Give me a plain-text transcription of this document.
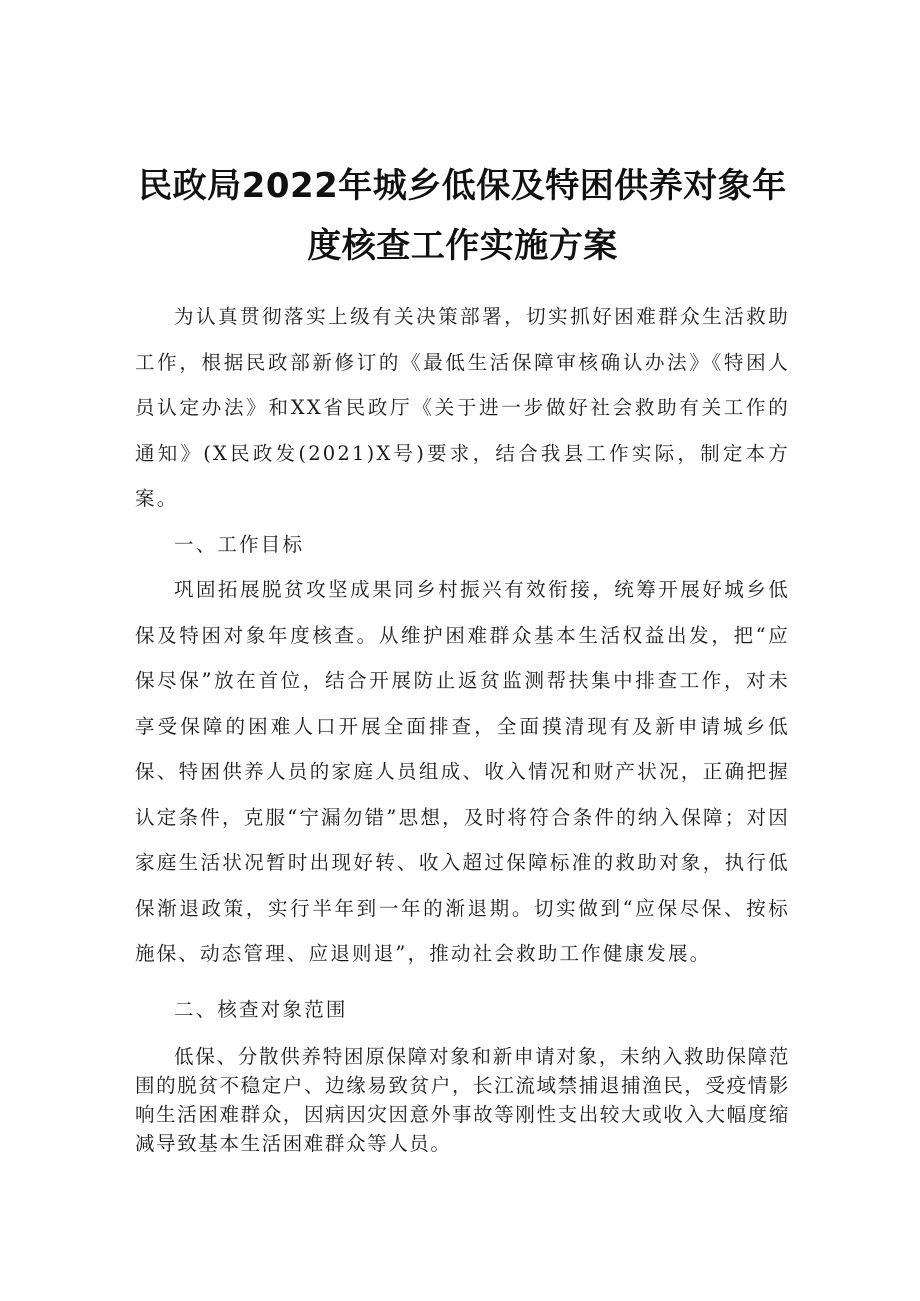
民政局2022年城乡低保及特困供养对象年
度核查工作实施方案

为认真贯彻落实上级有关决策部署，切实抓好困难群众生活救助工作，根据民政部新修订的《最低生活保障审核确认办法》《特困人员认定办法》和XX省民政厅《关于进一步做好社会救助有关工作的通知》(X民政发(2021)X号)要求，结合我县工作实际，制定本方案。

一、工作目标

巩固拓展脱贫攻坚成果同乡村振兴有效衔接，统筹开展好城乡低保及特困对象年度核查。从维护困难群众基本生活权益出发，把“应保尽保”放在首位，结合开展防止返贫监测帮扶集中排查工作，对未享受保障的困难人口开展全面排查，全面摸清现有及新申请城乡低保、特困供养人员的家庭人员组成、收入情况和财产状况，正确把握认定条件，克服“宁漏勿错”思想，及时将符合条件的纳入保障；对因家庭生活状况暂时出现好转、收入超过保障标准的救助对象，执行低保渐退政策，实行半年到一年的渐退期。切实做到“应保尽保、按标施保、动态管理、应退则退”，推动社会救助工作健康发展。

二、核查对象范围

低保、分散供养特困原保障对象和新申请对象，未纳入救助保障范围的脱贫不稳定户、边缘易致贫户，长江流域禁捕退捕渔民，受疫情影响生活困难群众，因病因灾因意外事故等刚性支出较大或收入大幅度缩减导致基本生活困难群众等人员。
